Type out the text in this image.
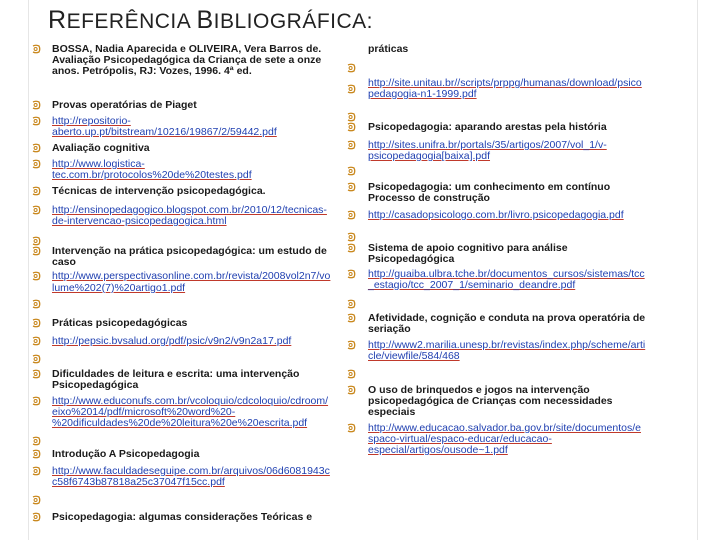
REFERÊNCIA BIBLIOGRÁFICA:
BOSSA, Nadia Aparecida e OLIVEIRA, Vera Barros de.
Avaliação Psicopedagógica da Criança de sete a onze
anos. Petrópolis, RJ: Vozes, 1996. 4ª ed.
Provas operatórias de Piaget
http://repositorio-
aberto.up.pt/bitstream/10216/19867/2/59442.pdf
Avaliação cognitiva
http://www.logistica-
tec.com.br/protocolos%20de%20testes.pdf
Técnicas de intervenção psicopedagógica.
http://ensinopedagogico.blogspot.com.br/2010/12/tecnicas-
de-intervencao-psicopedagogica.html
Intervenção na prática psicopedagógica: um estudo de
caso
http://www.perspectivasonline.com.br/revista/2008vol2n7/vo
lume%202(7)%20artigo1.pdf
Práticas psicopedagógicas
http://pepsic.bvsalud.org/pdf/psic/v9n2/v9n2a17.pdf
Dificuldades de leitura e escrita: uma intervenção
Psicopedagógica
http://www.educonufs.com.br/vcoloquio/cdcoloquio/cdroom/
eixo%2014/pdf/microsoft%20word%20-
%20dificuldades%20de%20leitura%20e%20escrita.pdf
Introdução A Psicopedagogia
http://www.faculdadeseguipe.com.br/arquivos/06d6081943c
c58f6743b87818a25c37047f15cc.pdf
Psicopedagogia: algumas considerações Teóricas e
práticas
http://site.unitau.br//scripts/prppg/humanas/download/psico
pedagogia-n1-1999.pdf
Psicopedagogia: aparando arestas pela história
http://sites.unifra.br/portals/35/artigos/2007/vol_1/v-
psicopedagogia[baixa].pdf
Psicopedagogia: um conhecimento em contínuo
Processo de construção
http://casadopsicologo.com.br/livro.psicopedagogia.pdf
Sistema de apoio cognitivo para análise
Psicopedagógica
http://guaiba.ulbra.tche.br/documentos_cursos/sistemas/tcc
_estagio/tcc_2007_1/seminario_deandre.pdf
Afetividade, cognição e conduta na prova operatória de
seriação
http://www2.marilia.unesp.br/revistas/index.php/scheme/arti
cle/viewfile/584/468
O uso de brinquedos e jogos na intervenção
psicopedagógica de Crianças com necessidades
especiais
http://www.educacao.salvador.ba.gov.br/site/documentos/e
spaco-virtual/espaco-educar/educacao-
especial/artigos/ousode~1.pdf
